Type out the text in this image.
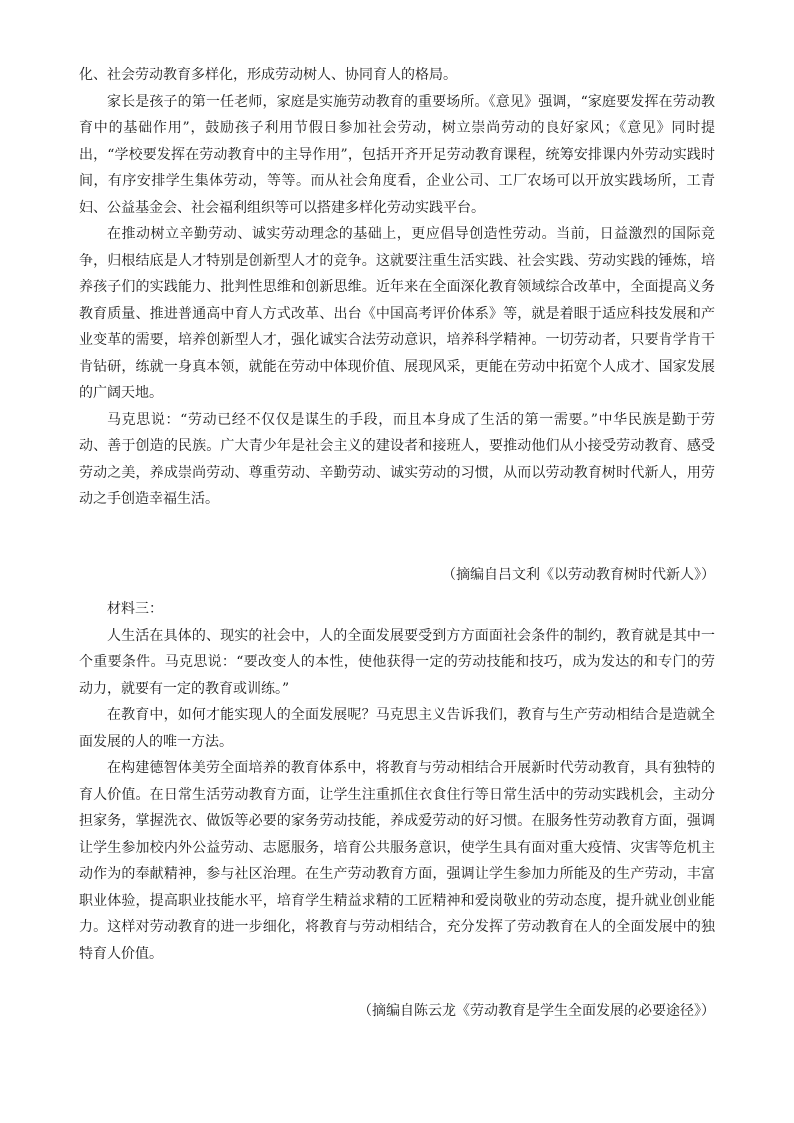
化、社会劳动教育多样化，形成劳动树人、协同育人的格局。

家长是孩子的第一任老师，家庭是实施劳动教育的重要场所。《意见》强调，“家庭要发挥在劳动教育中的基础作用”，鼓励孩子利用节假日参加社会劳动，树立崇尚劳动的良好家风；《意见》同时提出，“学校要发挥在劳动教育中的主导作用”，包括开齐开足劳动教育课程，统筹安排课内外劳动实践时间，有序安排学生集体劳动，等等。而从社会角度看，企业公司、工厂农场可以开放实践场所，工青妇、公益基金会、社会福利组织等可以搭建多样化劳动实践平台。

在推动树立辛勤劳动、诚实劳动理念的基础上，更应倡导创造性劳动。当前，日益激烈的国际竞争，归根结底是人才特别是创新型人才的竞争。这就要注重生活实践、社会实践、劳动实践的锤炼，培养孩子们的实践能力、批判性思维和创新思维。近年来在全面深化教育领域综合改革中，全面提高义务教育质量、推进普通高中育人方式改革、出台《中国高考评价体系》等，就是着眼于适应科技发展和产业变革的需要，培养创新型人才，强化诚实合法劳动意识，培养科学精神。一切劳动者，只要肯学肯干肯钻研，练就一身真本领，就能在劳动中体现价值、展现风采，更能在劳动中拓宽个人成才、国家发展的广阔天地。

马克思说：“劳动已经不仅仅是谋生的手段，而且本身成了生活的第一需要。”中华民族是勤于劳动、善于创造的民族。广大青少年是社会主义的建设者和接班人，要推动他们从小接受劳动教育、感受劳动之美，养成崇尚劳动、尊重劳动、辛勤劳动、诚实劳动的习惯，从而以劳动教育树时代新人，用劳动之手创造幸福生活。

（摘编自吕文利《以劳动教育树时代新人》）

材料三：

人生活在具体的、现实的社会中，人的全面发展要受到方方面面社会条件的制约，教育就是其中一个重要条件。马克思说：“要改变人的本性，使他获得一定的劳动技能和技巧，成为发达的和专门的劳动力，就要有一定的教育或训练。”

在教育中，如何才能实现人的全面发展呢？马克思主义告诉我们，教育与生产劳动相结合是造就全面发展的人的唯一方法。

在构建德智体美劳全面培养的教育体系中，将教育与劳动相结合开展新时代劳动教育，具有独特的育人价值。在日常生活劳动教育方面，让学生注重抓住衣食住行等日常生活中的劳动实践机会，主动分担家务，掌握洗衣、做饭等必要的家务劳动技能，养成爱劳动的好习惯。在服务性劳动教育方面，强调让学生参加校内外公益劳动、志愿服务，培育公共服务意识，使学生具有面对重大疫情、灾害等危机主动作为的奉献精神，参与社区治理。在生产劳动教育方面，强调让学生参加力所能及的生产劳动，丰富职业体验，提高职业技能水平，培育学生精益求精的工匠精神和爱岗敬业的劳动态度，提升就业创业能力。这样对劳动教育的进一步细化，将教育与劳动相结合，充分发挥了劳动教育在人的全面发展中的独特育人价值。

（摘编自陈云龙《劳动教育是学生全面发展的必要途径》）
